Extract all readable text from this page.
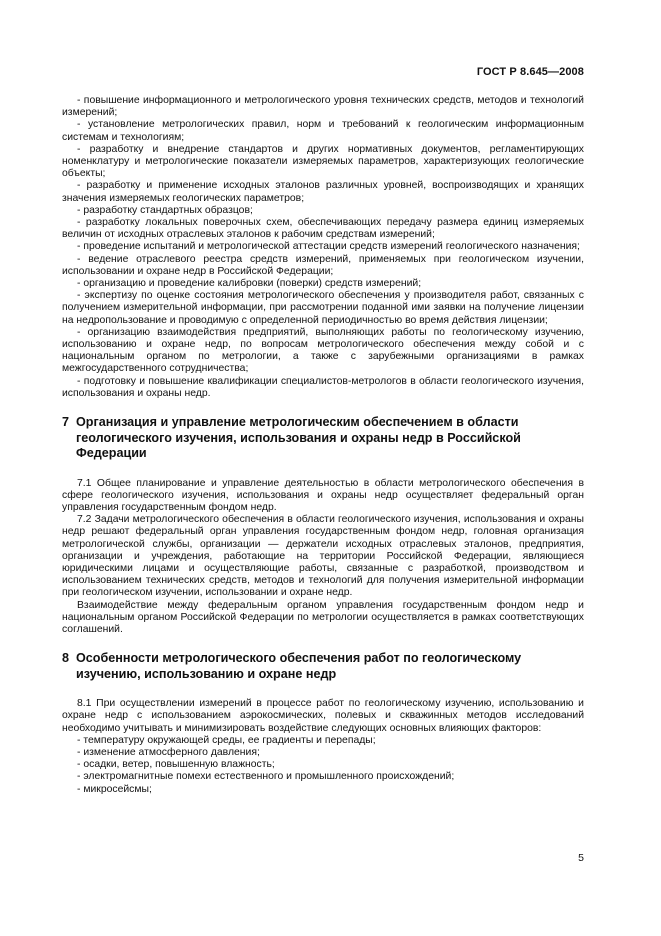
ГОСТ Р 8.645—2008

- повышение информационного и метрологического уровня технических средств, методов и технологий измерений;

- установление метрологических правил, норм и требований к геологическим информационным системам и технологиям;

- разработку и внедрение стандартов и других нормативных документов, регламентирующих номенклатуру и метрологические показатели измеряемых параметров, характеризующих геологические объекты;

- разработку и применение исходных эталонов различных уровней, воспроизводящих и хранящих значения измеряемых геологических параметров;

- разработку стандартных образцов;

- разработку локальных поверочных схем, обеспечивающих передачу размера единиц измеряемых величин от исходных отраслевых эталонов к рабочим средствам измерений;

- проведение испытаний и метрологической аттестации средств измерений геологического назначения;

- ведение отраслевого реестра средств измерений, применяемых при геологическом изучении, использовании и охране недр в Российской Федерации;

- организацию и проведение калибровки (поверки) средств измерений;

- экспертизу по оценке состояния метрологического обеспечения у производителя работ, связанных с получением измерительной информации, при рассмотрении поданной ими заявки на получение лицензии на недропользование и проводимую с определенной периодичностью во время действия лицензии;

- организацию взаимодействия предприятий, выполняющих работы по геологическому изучению, использованию и охране недр, по вопросам метрологического обеспечения между собой и с национальным органом по метрологии, а также с зарубежными организациями в рамках межгосударственного сотрудничества;

- подготовку и повышение квалификации специалистов-метрологов в области геологического изучения, использования и охраны недр.

7 Организация и управление метрологическим обеспечением в области геологического изучения, использования и охраны недр в Российской Федерации

7.1 Общее планирование и управление деятельностью в области метрологического обеспечения в сфере геологического изучения, использования и охраны недр осуществляет федеральный орган управления государственным фондом недр.

7.2 Задачи метрологического обеспечения в области геологического изучения, использования и охраны недр решают федеральный орган управления государственным фондом недр, головная организация метрологической службы, организации — держатели исходных отраслевых эталонов, предприятия, организации и учреждения, работающие на территории Российской Федерации, являющиеся юридическими лицами и осуществляющие работы, связанные с разработкой, производством и использованием технических средств, методов и технологий для получения измерительной информации при геологическом изучении, использовании и охране недр.

Взаимодействие между федеральным органом управления государственным фондом недр и национальным органом Российской Федерации по метрологии осуществляется в рамках соответствующих соглашений.

8 Особенности метрологического обеспечения работ по геологическому изучению, использованию и охране недр

8.1 При осуществлении измерений в процессе работ по геологическому изучению, использованию и охране недр с использованием аэрокосмических, полевых и скважинных методов исследований необходимо учитывать и минимизировать воздействие следующих основных влияющих факторов:

- температуру окружающей среды, ее градиенты и перепады;

- изменение атмосферного давления;

- осадки, ветер, повышенную влажность;

- электромагнитные помехи естественного и промышленного происхождений;

- микросейсмы;

5
